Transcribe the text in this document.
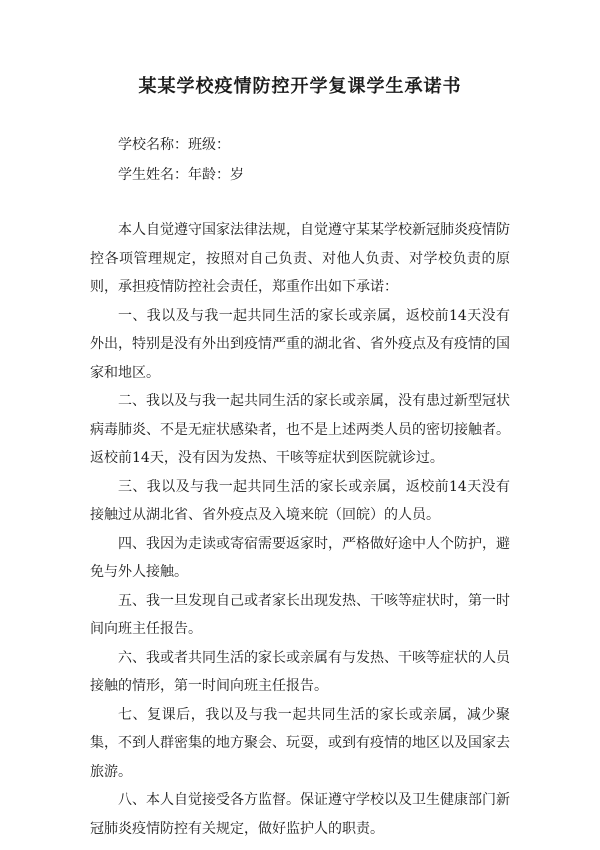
某某学校疫情防控开学复课学生承诺书

学校名称：班级：

学生姓名：年龄：岁

本人自觉遵守国家法律法规，自觉遵守某某学校新冠肺炎疫情防控各项管理规定，按照对自己负责、对他人负责、对学校负责的原则，承担疫情防控社会责任，郑重作出如下承诺：

一、我以及与我一起共同生活的家长或亲属，返校前14天没有外出，特别是没有外出到疫情严重的湖北省、省外疫点及有疫情的国家和地区。

二、我以及与我一起共同生活的家长或亲属，没有患过新型冠状病毒肺炎、不是无症状感染者，也不是上述两类人员的密切接触者。返校前14天，没有因为发热、干咳等症状到医院就诊过。

三、我以及与我一起共同生活的家长或亲属，返校前14天没有接触过从湖北省、省外疫点及入境来皖（回皖）的人员。

四、我因为走读或寄宿需要返家时，严格做好途中人个防护，避免与外人接触。

五、我一旦发现自己或者家长出现发热、干咳等症状时，第一时间向班主任报告。

六、我或者共同生活的家长或亲属有与发热、干咳等症状的人员接触的情形，第一时间向班主任报告。

七、复课后，我以及与我一起共同生活的家长或亲属，减少聚集，不到人群密集的地方聚会、玩耍，或到有疫情的地区以及国家去旅游。

八、本人自觉接受各方监督。保证遵守学校以及卫生健康部门新冠肺炎疫情防控有关规定，做好监护人的职责。
